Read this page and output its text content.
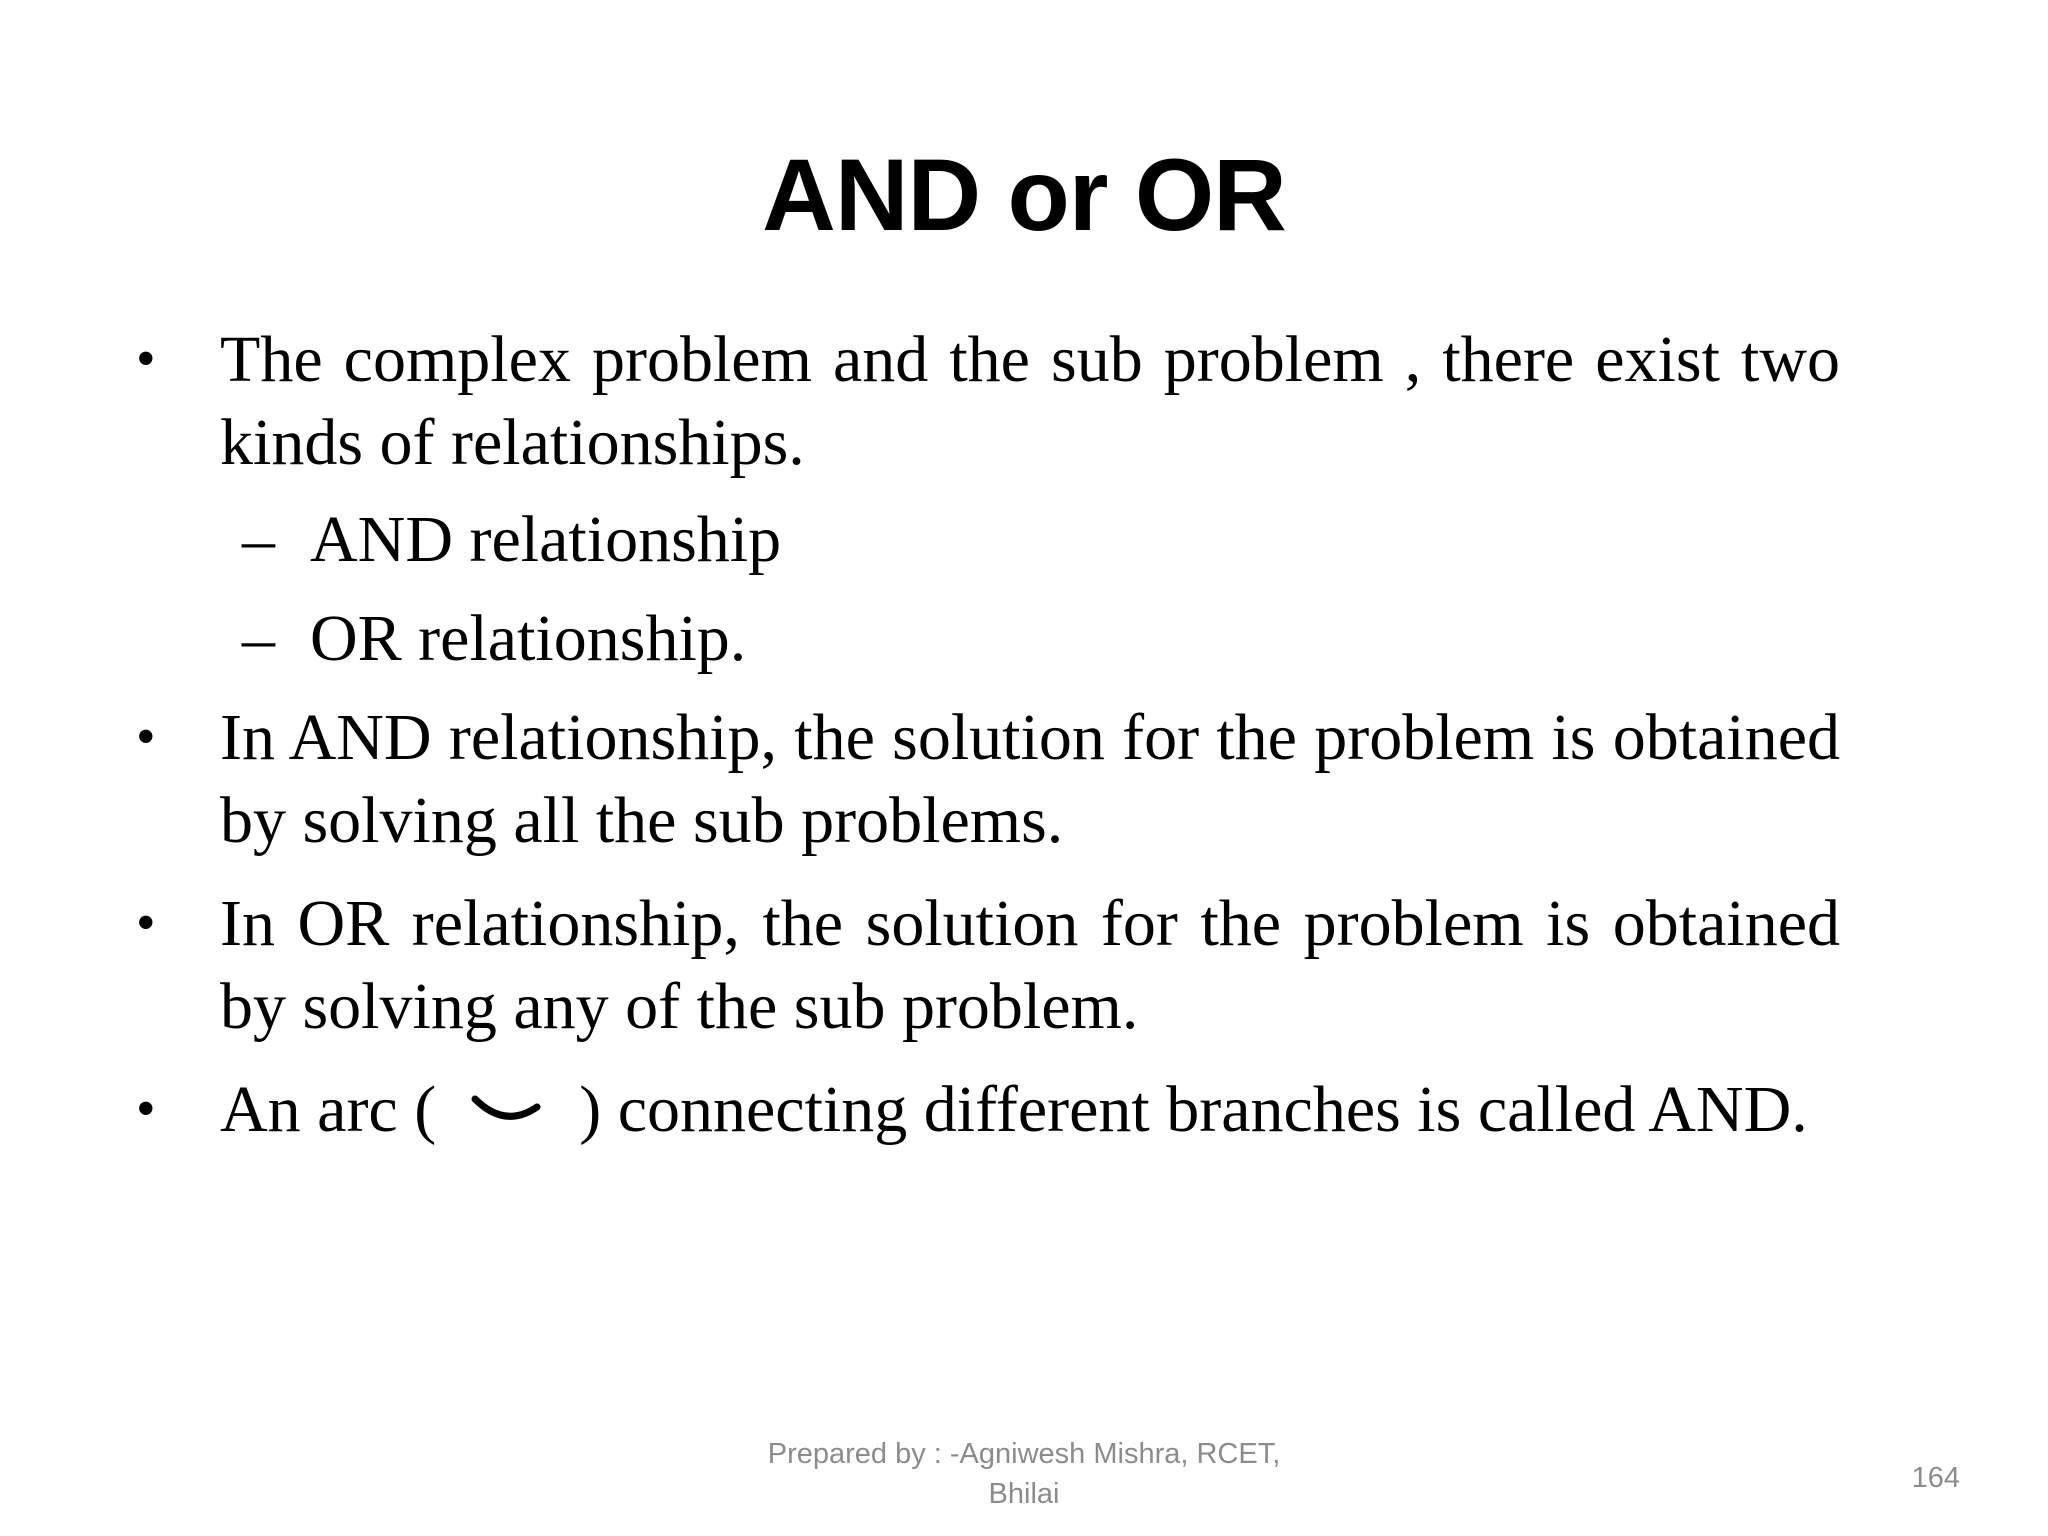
AND or OR

• The complex problem and the sub problem , there exist two kinds of relationships.

– AND relationship

– OR relationship.

• In AND relationship, the solution for the problem is obtained by solving all the sub problems.

• In OR relationship, the solution for the problem is obtained by solving any of the sub problem.

• An arc ( ) connecting different branches is called AND.

Prepared by : -Agniwesh Mishra, RCET,
Bhilai	164
